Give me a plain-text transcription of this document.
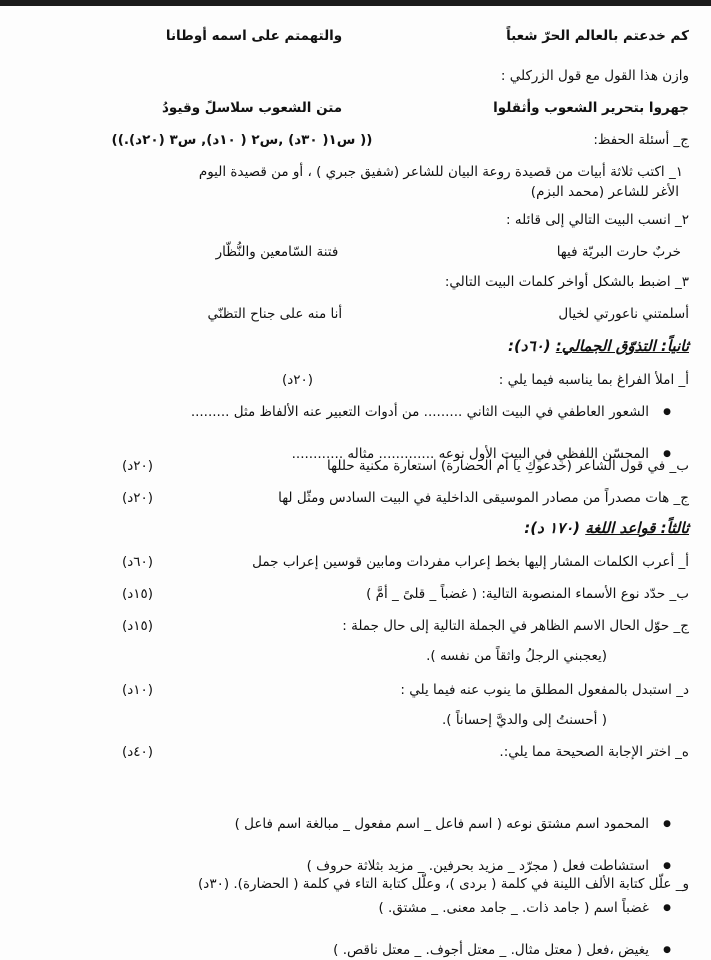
كم خدعتم بالعالم الحرّ شعباً
والتهمتم على اسمه أوطانا
وازن هذا القول مع قول الزركلي :
جهروا بتحرير الشعوب وأثقلوا
متن الشعوب سلاسلً وقيودُ
ج_ أسئلة الحفظ:
(( س١( ٣٠د) ,س٢ ( ١٠د), س٣ (٢٠د).))
١_ اكتب ثلاثة أبيات من قصيدة روعة البيان للشاعر (شفيق جبري ) ، أو من قصيدة اليوم
الأغر للشاعر (محمد البزم)
٢_ انسب البيت التالي إلى قائله :
خربٌ حارت البريّة فيها
فتنة السّامعين والنُّظّار
٣_ اضبط بالشكل أواخر كلمات البيت التالي:
أسلمتني ناعورتي لخيال
أنا منه على جناح التظنّي
ثانياً: التذوّق الجمالي: (٦٠د):
أ_ املأ الفراغ بما يناسبه فيما يلي :
(٢٠د)
● الشعور العاطفي في البيت الثاني ......... من أدوات التعبير عنه الألفاظ مثل .........
● المحسّن اللفظي في البيت الأول نوعه ............. مثاله ............
ب_ في قول الشاعر (خدعوكِ يا أم الحضارة) استعارة مكنية حللها
(٢٠د)
ج_ هات مصدراً من مصادر الموسيقى الداخلية في البيت السادس ومثّل لها
(٢٠د)
ثالثاً: قواعد اللغة (١٧٠ د):
أ_ أعرب الكلمات المشار إليها بخط إعراب مفردات ومابين قوسين إعراب جمل
(٦٠د)
ب_ حدّد نوع الأسماء المنصوبة التالية: ( غضباً _ قلىً _ أمَّ )
(١٥د)
ج_ حوّل الحال الاسم الظاهر في الجملة التالية إلى حال جملة :
(١٥د)
(يعجبني الرجلُ واثقاً من نفسه ).
د_ استبدل بالمفعول المطلق ما ينوب عنه فيما يلي :
(١٠د)
( أحسنتُ إلى والديَّ إحساناً ).
ه_ اختر الإجابة الصحيحة مما يلي:.
(٤٠د)
● المحمود اسم مشتق نوعه ( اسم فاعل _ اسم مفعول _ مبالغة اسم فاعل )
● استشاطت فعل ( مجرّد _ مزيد بحرفين. _ مزيد بثلاثة حروف )
● غضباً اسم ( جامد ذات. _ جامد معنى. _ مشتق. )
● يغيض ،فعل ( معتل مثال. _ معتل أجوف. _ معتل ناقص. )
و_ علّل كتابة الألف اللينة في كلمة ( بردى )، وعلّل كتابة التاء في كلمة ( الحضارة). (٣٠د)
